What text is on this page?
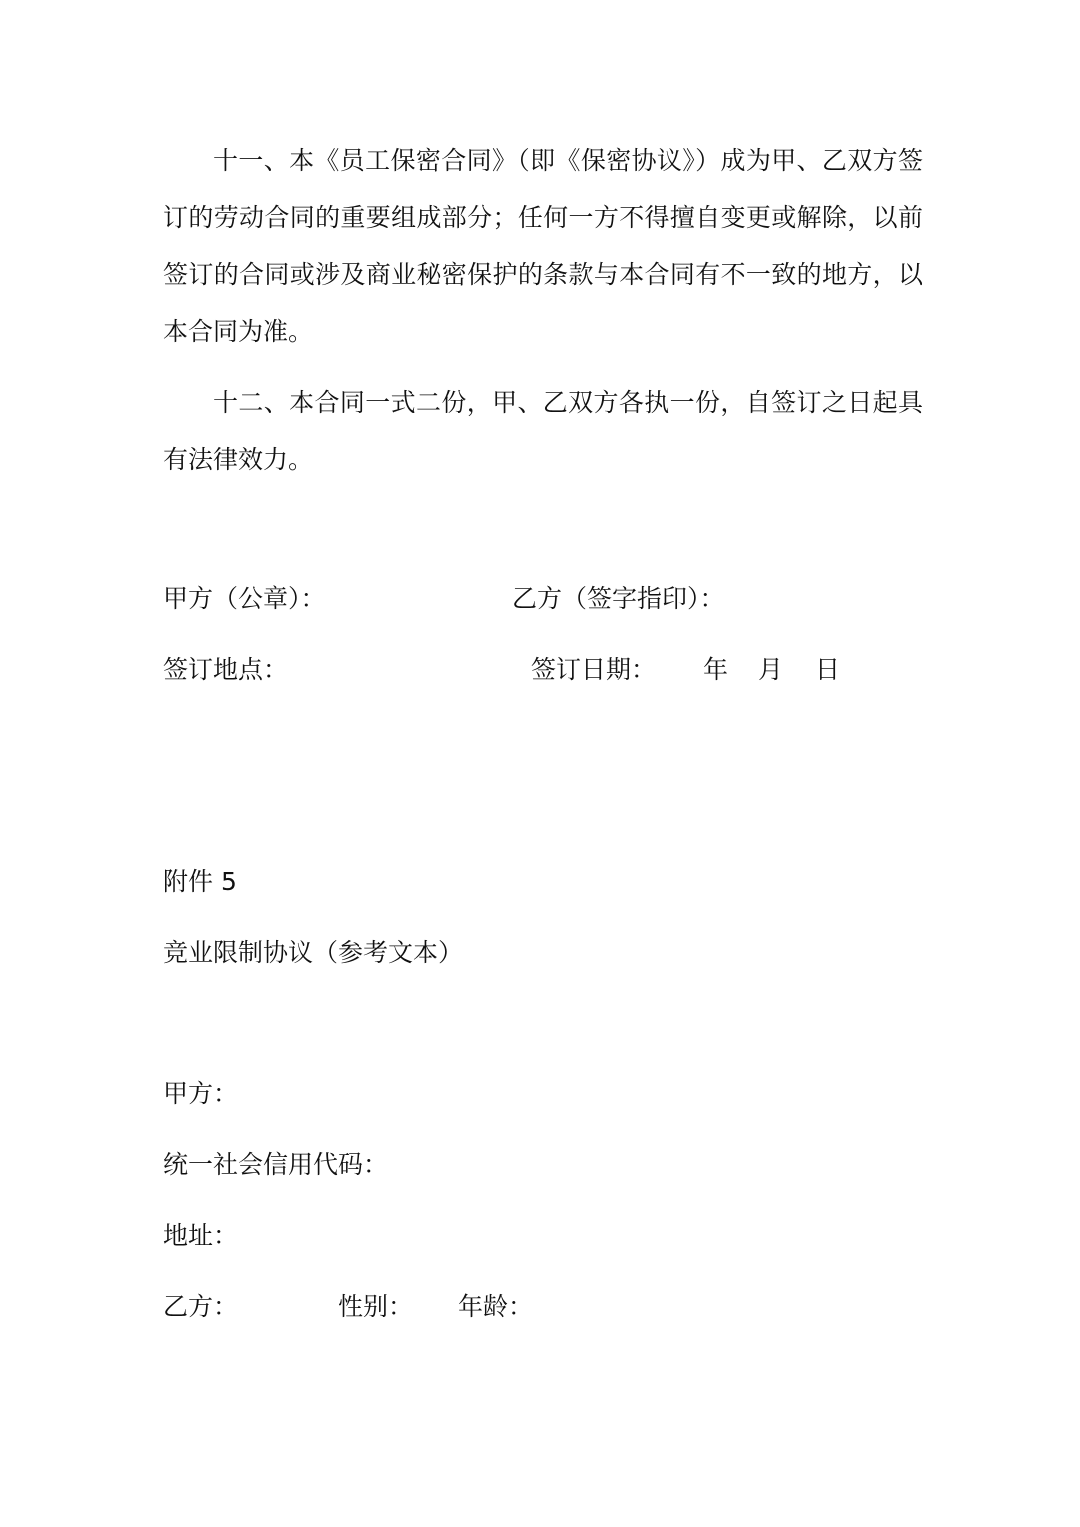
十一、本《员工保密合同》（即《保密协议》）成为甲、乙双方签订的劳动合同的重要组成部分；任何一方不得擅自变更或解除，以前签订的合同或涉及商业秘密保护的条款与本合同有不一致的地方，以本合同为准。

十二、本合同一式二份，甲、乙双方各执一份，自签订之日起具有法律效力。

甲方（公章）：	乙方（签字指印）：
签订地点：	签订日期： 年 月 日
附件 5
竞业限制协议（参考文本）
甲方：
统一社会信用代码：
地址：
乙方：	性别： 年龄：
